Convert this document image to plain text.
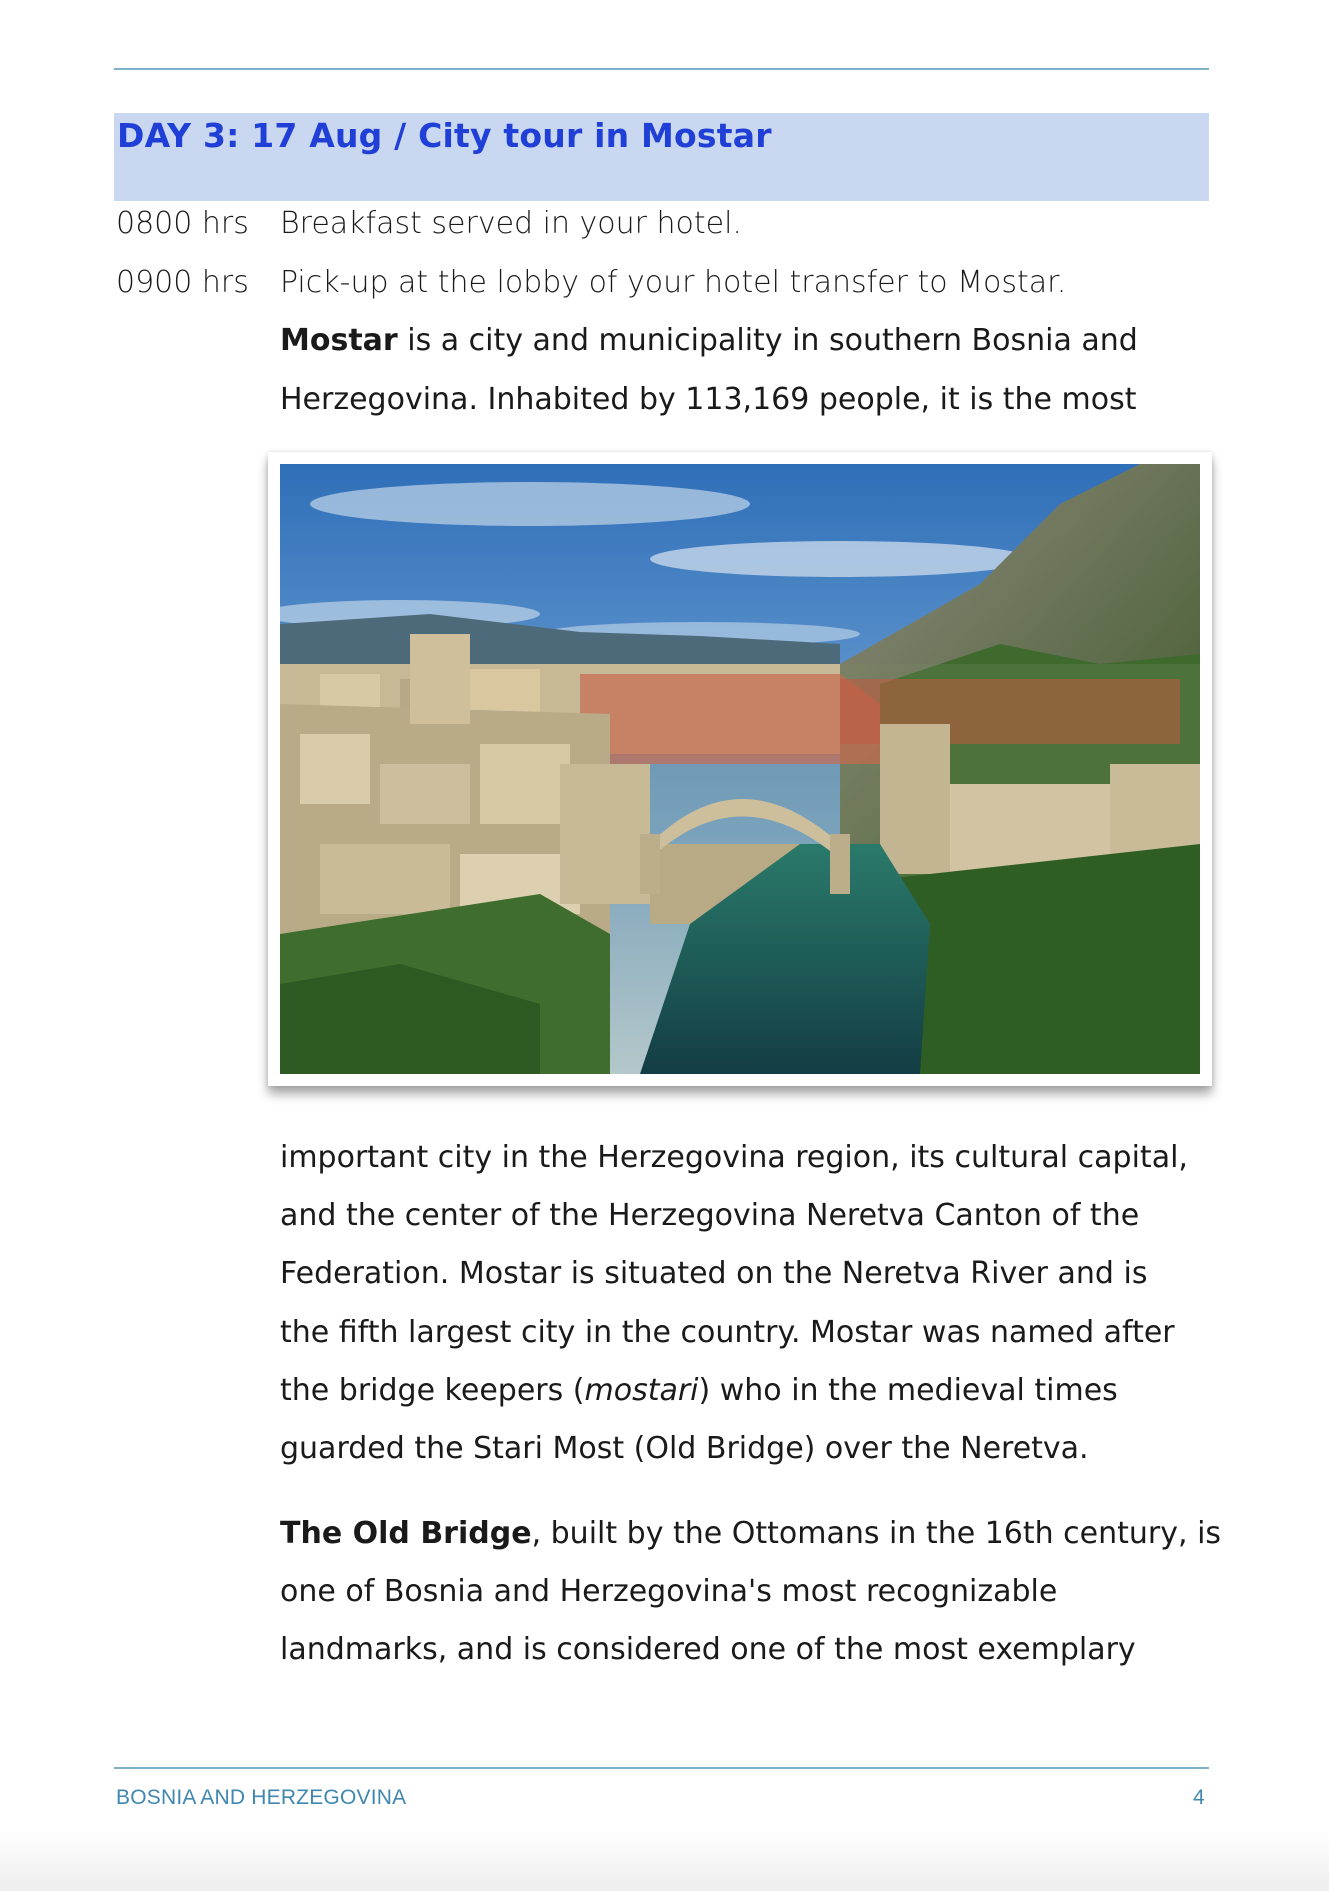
DAY 3: 17 Aug / City tour in Mostar
0800 hrs Breakfast served in your hotel.
0900 hrs Pick-up at the lobby of your hotel transfer to Mostar.
Mostar is a city and municipality in southern Bosnia and
Herzegovina. Inhabited by 113,169 people, it is the most
important city in the Herzegovina region, its cultural capital,
and the center of the Herzegovina Neretva Canton of the
Federation. Mostar is situated on the Neretva River and is
the fifth largest city in the country. Mostar was named after
the bridge keepers (mostari) who in the medieval times
guarded the Stari Most (Old Bridge) over the Neretva.
The Old Bridge, built by the Ottomans in the 16th century, is
one of Bosnia and Herzegovina's most recognizable
landmarks, and is considered one of the most exemplary
BOSNIA AND HERZEGOVINA	4
